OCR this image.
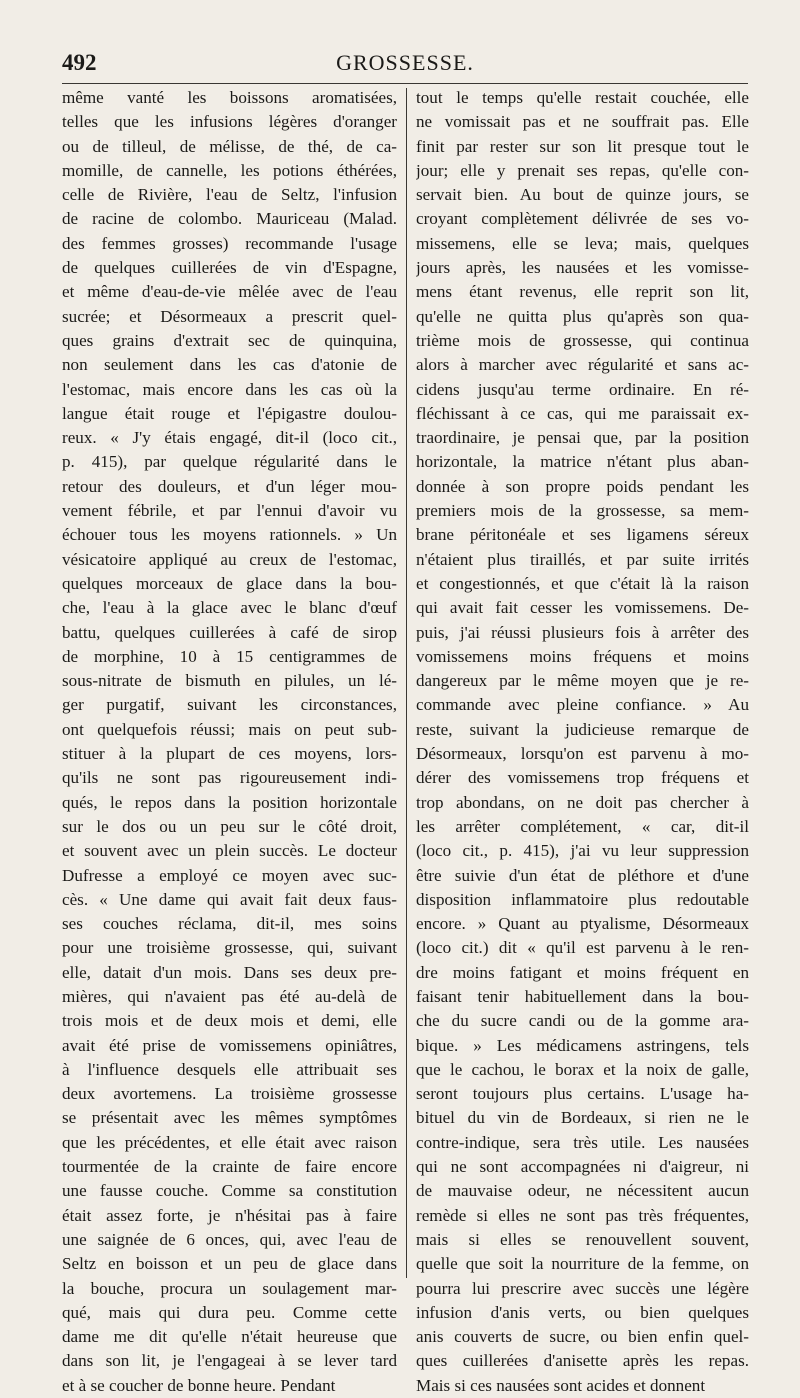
492	GROSSESSE.
même vanté les boissons aromatisées,
telles que les infusions légères d'oranger
ou de tilleul, de mélisse, de thé, de ca-
momille, de cannelle, les potions éthérées,
celle de Rivière, l'eau de Seltz, l'infusion
de racine de colombo. Mauriceau (Malad.
des femmes grosses) recommande l'usage
de quelques cuillerées de vin d'Espagne,
et même d'eau-de-vie mêlée avec de l'eau
sucrée; et Désormeaux a prescrit quel-
ques grains d'extrait sec de quinquina,
non seulement dans les cas d'atonie de
l'estomac, mais encore dans les cas où la
langue était rouge et l'épigastre doulou-
reux. « J'y étais engagé, dit-il (loco cit.,
p. 415), par quelque régularité dans le
retour des douleurs, et d'un léger mou-
vement fébrile, et par l'ennui d'avoir vu
échouer tous les moyens rationnels. » Un
vésicatoire appliqué au creux de l'estomac,
quelques morceaux de glace dans la bou-
che, l'eau à la glace avec le blanc d'œuf
battu, quelques cuillerées à café de sirop
de morphine, 10 à 15 centigrammes de
sous-nitrate de bismuth en pilules, un lé-
ger purgatif, suivant les circonstances,
ont quelquefois réussi; mais on peut sub-
stituer à la plupart de ces moyens, lors-
qu'ils ne sont pas rigoureusement indi-
qués, le repos dans la position horizontale
sur le dos ou un peu sur le côté droit,
et souvent avec un plein succès. Le docteur
Dufresse a employé ce moyen avec suc-
cès. « Une dame qui avait fait deux faus-
ses couches réclama, dit-il, mes soins
pour une troisième grossesse, qui, suivant
elle, datait d'un mois. Dans ses deux pre-
mières, qui n'avaient pas été au-delà de
trois mois et de deux mois et demi, elle
avait été prise de vomissemens opiniâtres,
à l'influence desquels elle attribuait ses
deux avortemens. La troisième grossesse
se présentait avec les mêmes symptômes
que les précédentes, et elle était avec raison
tourmentée de la crainte de faire encore
une fausse couche. Comme sa constitution
était assez forte, je n'hésitai pas à faire
une saignée de 6 onces, qui, avec l'eau de
Seltz en boisson et un peu de glace dans
la bouche, procura un soulagement mar-
qué, mais qui dura peu. Comme cette
dame me dit qu'elle n'était heureuse que
dans son lit, je l'engageai à se lever tard
et à se coucher de bonne heure. Pendant
tout le temps qu'elle restait couchée, elle
ne vomissait pas et ne souffrait pas. Elle
finit par rester sur son lit presque tout le
jour; elle y prenait ses repas, qu'elle con-
servait bien. Au bout de quinze jours, se
croyant complètement délivrée de ses vo-
missemens, elle se leva; mais, quelques
jours après, les nausées et les vomisse-
mens étant revenus, elle reprit son lit,
qu'elle ne quitta plus qu'après son qua-
trième mois de grossesse, qui continua
alors à marcher avec régularité et sans ac-
cidens jusqu'au terme ordinaire. En ré-
fléchissant à ce cas, qui me paraissait ex-
traordinaire, je pensai que, par la position
horizontale, la matrice n'étant plus aban-
donnée à son propre poids pendant les
premiers mois de la grossesse, sa mem-
brane péritonéale et ses ligamens séreux
n'étaient plus tiraillés, et par suite irrités
et congestionnés, et que c'était là la raison
qui avait fait cesser les vomissemens. De-
puis, j'ai réussi plusieurs fois à arrêter des
vomissemens moins fréquens et moins
dangereux par le même moyen que je re-
commande avec pleine confiance. » Au
reste, suivant la judicieuse remarque de
Désormeaux, lorsqu'on est parvenu à mo-
dérer des vomissemens trop fréquens et
trop abondans, on ne doit pas chercher à
les arrêter complétement, « car, dit-il
(loco cit., p. 415), j'ai vu leur suppression
être suivie d'un état de pléthore et d'une
disposition inflammatoire plus redoutable
encore. » Quant au ptyalisme, Désormeaux
(loco cit.) dit « qu'il est parvenu à le ren-
dre moins fatigant et moins fréquent en
faisant tenir habituellement dans la bou-
che du sucre candi ou de la gomme ara-
bique. » Les médicamens astringens, tels
que le cachou, le borax et la noix de galle,
seront toujours plus certains. L'usage ha-
bituel du vin de Bordeaux, si rien ne le
contre-indique, sera très utile. Les nausées
qui ne sont accompagnées ni d'aigreur, ni
de mauvaise odeur, ne nécessitent aucun
remède si elles ne sont pas très fréquentes,
mais si elles se renouvellent souvent,
quelle que soit la nourriture de la femme, on
pourra lui prescrire avec succès une légère
infusion d'anis verts, ou bien quelques
anis couverts de sucre, ou bien enfin quel-
ques cuillerées d'anisette après les repas.
Mais si ces nausées sont acides et donnent
